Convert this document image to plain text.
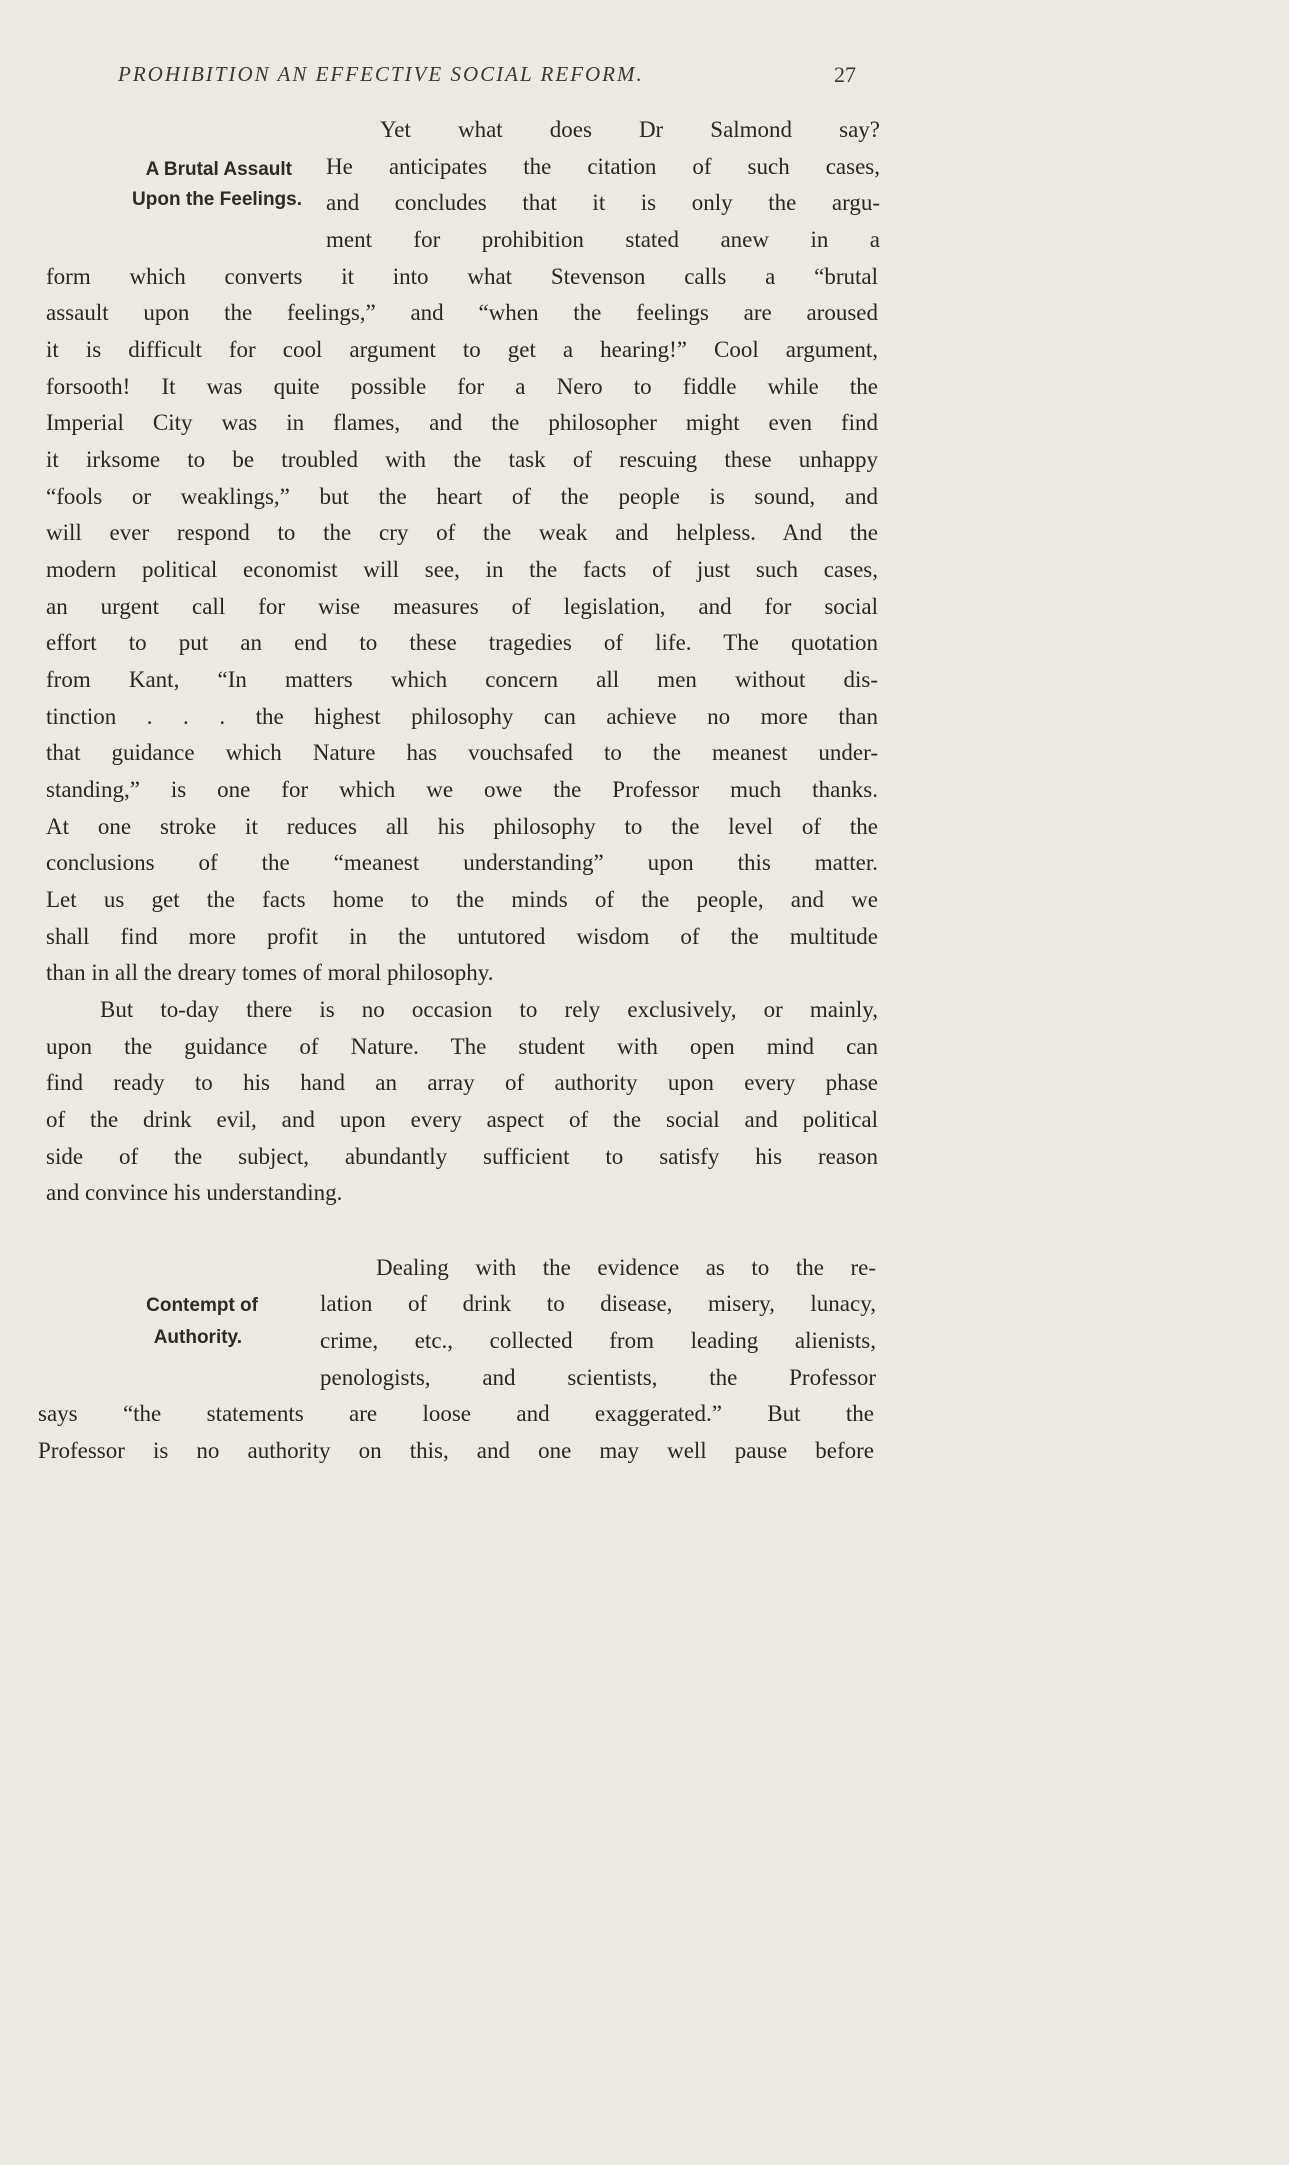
PROHIBITION AN EFFECTIVE SOCIAL REFORM.	27
A Brutal Assault
Upon the Feelings.
Contempt of
Authority.
Yet what does Dr Salmond say?
He anticipates the citation of such cases,
and concludes that it is only the argu-
ment for prohibition stated anew in a
form which converts it into what Stevenson calls a “brutal
assault upon the feelings,” and “when the feelings are aroused
it is difficult for cool argument to get a hearing!” Cool argument,
forsooth! It was quite possible for a Nero to fiddle while the
Imperial City was in flames, and the philosopher might even find
it irksome to be troubled with the task of rescuing these unhappy
“fools or weaklings,” but the heart of the people is sound, and
will ever respond to the cry of the weak and helpless. And the
modern political economist will see, in the facts of just such cases,
an urgent call for wise measures of legislation, and for social
effort to put an end to these tragedies of life. The quotation
from Kant, “In matters which concern all men without dis-
tinction . . . the highest philosophy can achieve no more than
that guidance which Nature has vouchsafed to the meanest under-
standing,” is one for which we owe the Professor much thanks.
At one stroke it reduces all his philosophy to the level of the
conclusions of the “meanest understanding” upon this matter.
Let us get the facts home to the minds of the people, and we
shall find more profit in the untutored wisdom of the multitude
than in all the dreary tomes of moral philosophy.
But to-day there is no occasion to rely exclusively, or mainly,
upon the guidance of Nature. The student with open mind can
find ready to his hand an array of authority upon every phase
of the drink evil, and upon every aspect of the social and political
side of the subject, abundantly sufficient to satisfy his reason
and convince his understanding.
Dealing with the evidence as to the re-
lation of drink to disease, misery, lunacy,
crime, etc., collected from leading alienists,
penologists, and scientists, the Professor
says “the statements are loose and exaggerated.” But the
Professor is no authority on this, and one may well pause before
